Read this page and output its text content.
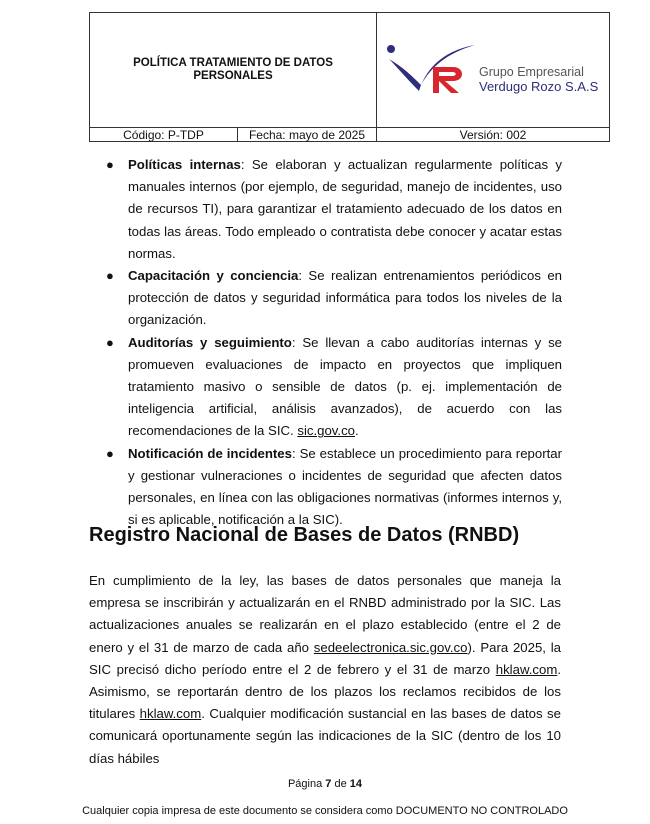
POLÍTICA TRATAMIENTO DE DATOS PERSONALES	Grupo Empresarial
Verdugo Rozo S.A.S
Código: P-TDP	Fecha: mayo de 2025	Versión: 002
● Políticas internas: Se elaboran y actualizan regularmente políticas y manuales internos (por ejemplo, de seguridad, manejo de incidentes, uso de recursos TI), para garantizar el tratamiento adecuado de los datos en todas las áreas. Todo empleado o contratista debe conocer y acatar estas normas.
● Capacitación y conciencia: Se realizan entrenamientos periódicos en protección de datos y seguridad informática para todos los niveles de la organización.
● Auditorías y seguimiento: Se llevan a cabo auditorías internas y se promueven evaluaciones de impacto en proyectos que impliquen tratamiento masivo o sensible de datos (p. ej. implementación de inteligencia artificial, análisis avanzados), de acuerdo con las recomendaciones de la SIC. sic.gov.co.
● Notificación de incidentes: Se establece un procedimiento para reportar y gestionar vulneraciones o incidentes de seguridad que afecten datos personales, en línea con las obligaciones normativas (informes internos y, si es aplicable, notificación a la SIC).
Registro Nacional de Bases de Datos (RNBD)

En cumplimiento de la ley, las bases de datos personales que maneja la empresa se inscribirán y actualizarán en el RNBD administrado por la SIC. Las actualizaciones anuales se realizarán en el plazo establecido (entre el 2 de enero y el 31 de marzo de cada año sedeelectronica.sic.gov.co). Para 2025, la SIC precisó dicho período entre el 2 de febrero y el 31 de marzo hklaw.com. Asimismo, se reportarán dentro de los plazos los reclamos recibidos de los titulares hklaw.com. Cualquier modificación sustancial en las bases de datos se comunicará oportunamente según las indicaciones de la SIC (dentro de los 10 días hábiles

Página 7 de 14
Cualquier copia impresa de este documento se considera como DOCUMENTO NO CONTROLADO
